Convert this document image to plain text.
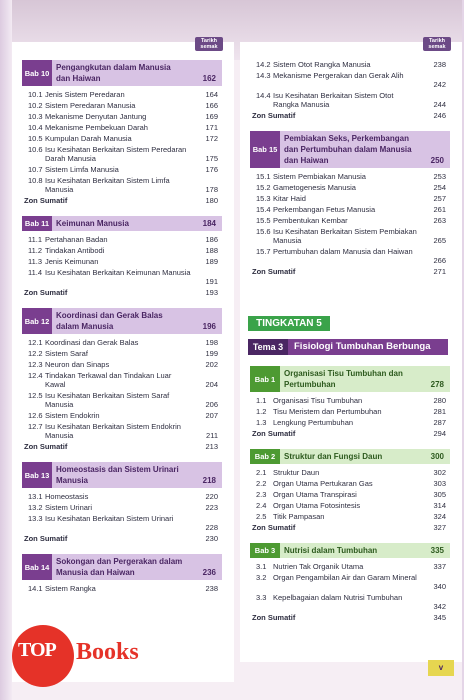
Tarikh semak
Tarikh semak
Bab 10
Pengangkutan dalam Manusia dan Haiwan	162
10.1 Jenis Sistem Peredaran	164
10.2 Sistem Peredaran Manusia	166
10.3 Mekanisme Denyutan Jantung	169
10.4 Mekanisme Pembekuan Darah	171
10.5 Kumpulan Darah Manusia	172
10.6 Isu Kesihatan Berkaitan Sistem Peredaran Darah Manusia	175
10.7 Sistem Limfa Manusia	176
10.8 Isu Kesihatan Berkaitan Sistem Limfa Manusia	178
Zon Sumatif	180
Bab 11 Keimunan Manusia	184
11.1 Pertahanan Badan	186
11.2 Tindakan Antibodi	188
11.3 Jenis Keimunan	189
11.4 Isu Kesihatan Berkaitan Keimunan Manusia
191
Zon Sumatif	193
Bab 12
Koordinasi dan Gerak Balas dalam Manusia	196
12.1 Koordinasi dan Gerak Balas	198
12.2 Sistem Saraf	199
12.3 Neuron dan Sinaps	202
12.4 Tindakan Terkawal dan Tindakan Luar Kawal	204
12.5 Isu Kesihatan Berkaitan Sistem Saraf Manusia	206
12.6 Sistem Endokrin	207
12.7 Isu Kesihatan Berkaitan Sistem Endokrin Manusia	211
Zon Sumatif	213
Bab 13
Homeostasis dan Sistem Urinari Manusia	218
13.1 Homeostasis	220
13.2 Sistem Urinari	223
13.3 Isu Kesihatan Berkaitan Sistem Urinari
228
Zon Sumatif	230
Bab 14
Sokongan dan Pergerakan dalam Manusia dan Haiwan	236
14.1 Sistem Rangka	238
14.2 Sistem Otot Rangka Manusia	238
14.3 Mekanisme Pergerakan dan Gerak Alih
242
14.4 Isu Kesihatan Berkaitan Sistem Otot Rangka Manusia	244
Zon Sumatif	246
Bab 15
Pembiakan Seks, Perkembangan dan Pertumbuhan dalam Manusia dan Haiwan	250
15.1 Sistem Pembiakan Manusia	253
15.2 Gametogenesis Manusia	254
15.3 Kitar Haid	257
15.4 Perkembangan Fetus Manusia	261
15.5 Pembentukan Kembar	263
15.6 Isu Kesihatan Berkaitan Sistem Pembiakan Manusia	265
15.7 Pertumbuhan dalam Manusia dan Haiwan
266
Zon Sumatif	271
Bab 1
Organisasi Tisu Tumbuhan dan Pertumbuhan	278
1.1 Organisasi Tisu Tumbuhan	280
1.2 Tisu Meristem dan Pertumbuhan	281
1.3 Lengkung Pertumbuhan	287
Zon Sumatif	294
Bab 2	Struktur dan Fungsi Daun	300
2.1 Struktur Daun	302
2.2 Organ Utama Pertukaran Gas	303
2.3 Organ Utama Transpirasi	305
2.4 Organ Utama Fotosintesis	314
2.5 Titik Pampasan	324
Zon Sumatif	327
Bab 3	Nutrisi dalam Tumbuhan	335
3.1 Nutrien Tak Organik Utama	337
3.2 Organ Pengambilan Air dan Garam Mineral
340
3.3 Kepelbagaian dalam Nutrisi Tumbuhan
342
Zon Sumatif	345
TINGKATAN 5
Tema 3	Fisiologi Tumbuhan Berbunga
TOP Books
v
